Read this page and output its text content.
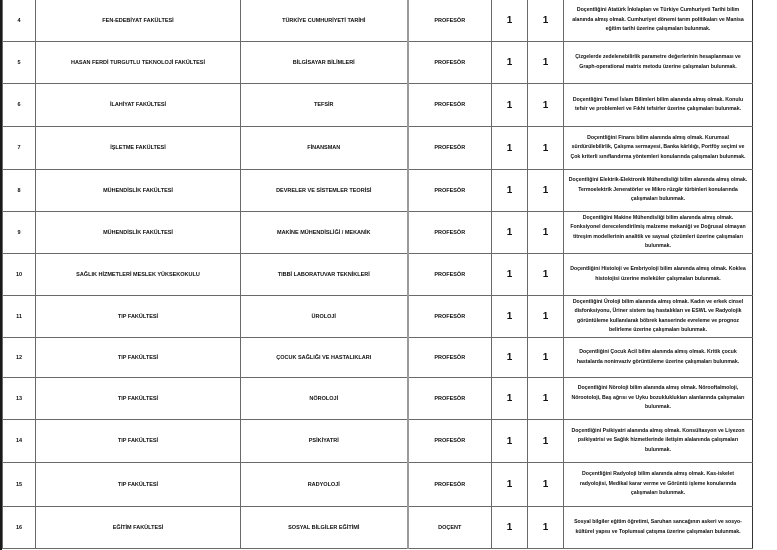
4	FEN-EDEBİYAT FAKÜLTESİ	TÜRKİYE CUMHURİYETİ TARİHİ	PROFESÖR	1	1	Doçentliğini Atatürk İnkılapları ve Türkiye Cumhuriyeti Tarihi bilim alanında almış olmak. Cumhuriyet dönemi tarım politikaları ve Manisa eğitim tarihi üzerine çalışmaları bulunmak.
5	HASAN FERDİ TURGUTLU TEKNOLOJİ FAKÜLTESİ	BİLGİSAYAR BİLİMLERİ	PROFESÖR	1	1	Çizgelerde zedelenebilirlik parametre değerlerinin hesaplanması ve Graph-operational matrix metodu üzerine çalışmaları bulunmak.
6	İLAHİYAT FAKÜLTESİ	TEFSİR	PROFESÖR	1	1	Doçentliğini Temel İslam Bilimleri bilim alanında almış olmak. Konulu tefsir ve problemleri ve Fıkhi tefsirler üzerine çalışmaları bulunmak.
7	İŞLETME FAKÜLTESİ	FİNANSMAN	PROFESÖR	1	1	Doçentliğini Finans bilim alanında almış olmak. Kurumsal sürdürülebilirlik, Çalışma sermayesi, Banka kârlılığı, Portföy seçimi ve Çok kriterli sınıflandırma yöntemleri konularında çalışmaları bulunmak.
8	MÜHENDİSLİK FAKÜLTESİ	DEVRELER VE SİSTEMLER TEORİSİ	PROFESÖR	1	1	Doçentliğini Elektrik-Elektronik Mühendisliği bilim alanında almış olmak. Termoelektrik Jeneratörler ve Mikro rüzgâr türbinleri konularında çalışmaları bulunmak.
9	MÜHENDİSLİK FAKÜLTESİ	MAKİNE MÜHENDİSLİĞİ / MEKANİK	PROFESÖR	1	1	Doçentliğini Makine Mühendisliği bilim alanında almış olmak. Fonksiyonel derecelendirilmiş malzeme mekaniği ve Doğrusal olmayan titreşim modellerinin analitik ve sayısal çözümleri üzerine çalışmaları bulunmak.
10	SAĞLIK HİZMETLERİ MESLEK YÜKSEKOKULU	TIBBİ LABORATUVAR TEKNİKLERİ	PROFESÖR	1	1	Doçentliğini Histoloji ve Embriyoloji bilim alanında almış olmak. Koklea histolojisi üzerine moleküler çalışmaları bulunmak.
11	TIP FAKÜLTESİ	ÜROLOJİ	PROFESÖR	1	1	Doçentliğini Üroloji bilim alanında almış olmak. Kadın ve erkek cinsel disfonksiyonu, Üriner sistem taş hastalıkları ve ESWL ve Radyolojik görüntüleme kullanılarak böbrek kanserinde evreleme ve prognoz belirleme üzerine çalışmaları bulunmak.
12	TIP FAKÜLTESİ	ÇOCUK SAĞLIĞI VE HASTALIKLARI	PROFESÖR	1	1	Doçentliğini Çocuk Acil bilim alanında almış olmak. Kritik çocuk hastalarda noninvaziv görüntüleme üzerine çalışmaları bulunmak.
13	TIP FAKÜLTESİ	NÖROLOJİ	PROFESÖR	1	1	Doçentliğini Nöroloji bilim alanında almış olmak. Nörooftalmoloji, Nörootoloji, Baş ağrısı ve Uyku bozukluklukları alanlarında çalışmaları bulunmak.
14	TIP FAKÜLTESİ	PSİKİYATRİ	PROFESÖR	1	1	Doçentliğini Psikiyatri alanında almış olmak. Konsültasyon ve Liyezon psikiyatrisi ve Sağlık hizmetlerinde iletişim alalanında çalışmaları bulunmak.
15	TIP FAKÜLTESİ	RADYOLOJİ	PROFESÖR	1	1	Doçentliğini Radyoloji bilim alanında almış olmak. Kas-iskelet radyolojisi, Medikal karar verme ve Görüntü işleme konularında çalışmaları bulunmak.
16	EĞİTİM FAKÜLTESİ	SOSYAL BİLGİLER EĞİTİMİ	DOÇENT	1	1	Sosyal bilgiler eğitim öğretimi, Saruhan sancağının askeri ve sosyo-kültürel yapısı ve Toplumsal çatışma üzerine çalışmaları bulunmak.
